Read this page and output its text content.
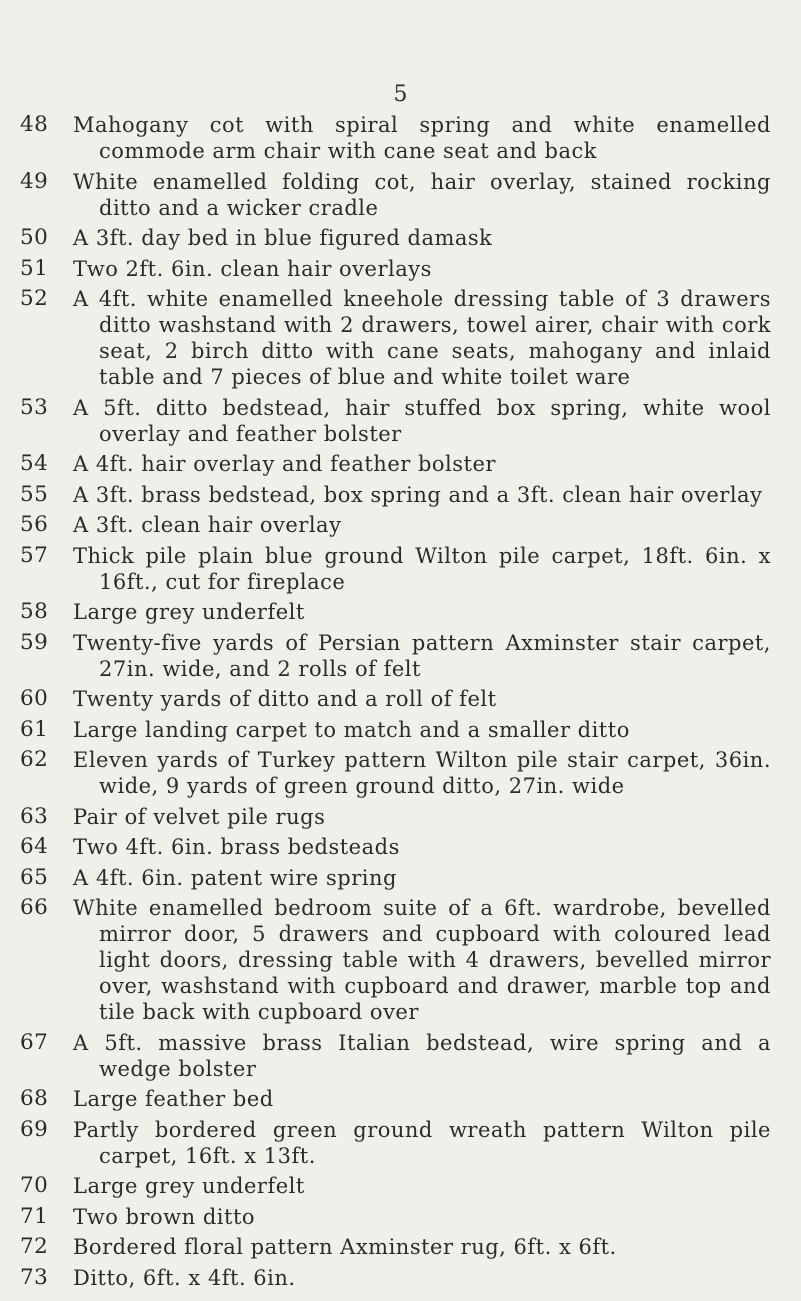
5
48	Mahogany cot with spiral spring and white enamelled commode arm chair with cane seat and back
49	White enamelled folding cot, hair overlay, stained rocking ditto and a wicker cradle
50	A 3ft. day bed in blue figured damask
51	Two 2ft. 6in. clean hair overlays
52	A 4ft. white enamelled kneehole dressing table of 3 drawers ditto washstand with 2 drawers, towel airer, chair with cork seat, 2 birch ditto with cane seats, mahogany and inlaid table and 7 pieces of blue and white toilet ware
53	A 5ft. ditto bedstead, hair stuffed box spring, white wool overlay and feather bolster
54	A 4ft. hair overlay and feather bolster
55	A 3ft. brass bedstead, box spring and a 3ft. clean hair overlay
56	A 3ft. clean hair overlay
57	Thick pile plain blue ground Wilton pile carpet, 18ft. 6in. x 16ft., cut for fireplace
58	Large grey underfelt
59	Twenty-five yards of Persian pattern Axminster stair carpet, 27in. wide, and 2 rolls of felt
60	Twenty yards of ditto and a roll of felt
61	Large landing carpet to match and a smaller ditto
62	Eleven yards of Turkey pattern Wilton pile stair carpet, 36in. wide, 9 yards of green ground ditto, 27in. wide
63	Pair of velvet pile rugs
64	Two 4ft. 6in. brass bedsteads
65	A 4ft. 6in. patent wire spring
66	White enamelled bedroom suite of a 6ft. wardrobe, bevelled mirror door, 5 drawers and cupboard with coloured lead light doors, dressing table with 4 drawers, bevelled mirror over, washstand with cupboard and drawer, marble top and tile back with cupboard over
67	A 5ft. massive brass Italian bedstead, wire spring and a wedge bolster
68	Large feather bed
69	Partly bordered green ground wreath pattern Wilton pile carpet, 16ft. x 13ft.
70	Large grey underfelt
71	Two brown ditto
72	Bordered floral pattern Axminster rug, 6ft. x 6ft.
73	Ditto, 6ft. x 4ft. 6in.
